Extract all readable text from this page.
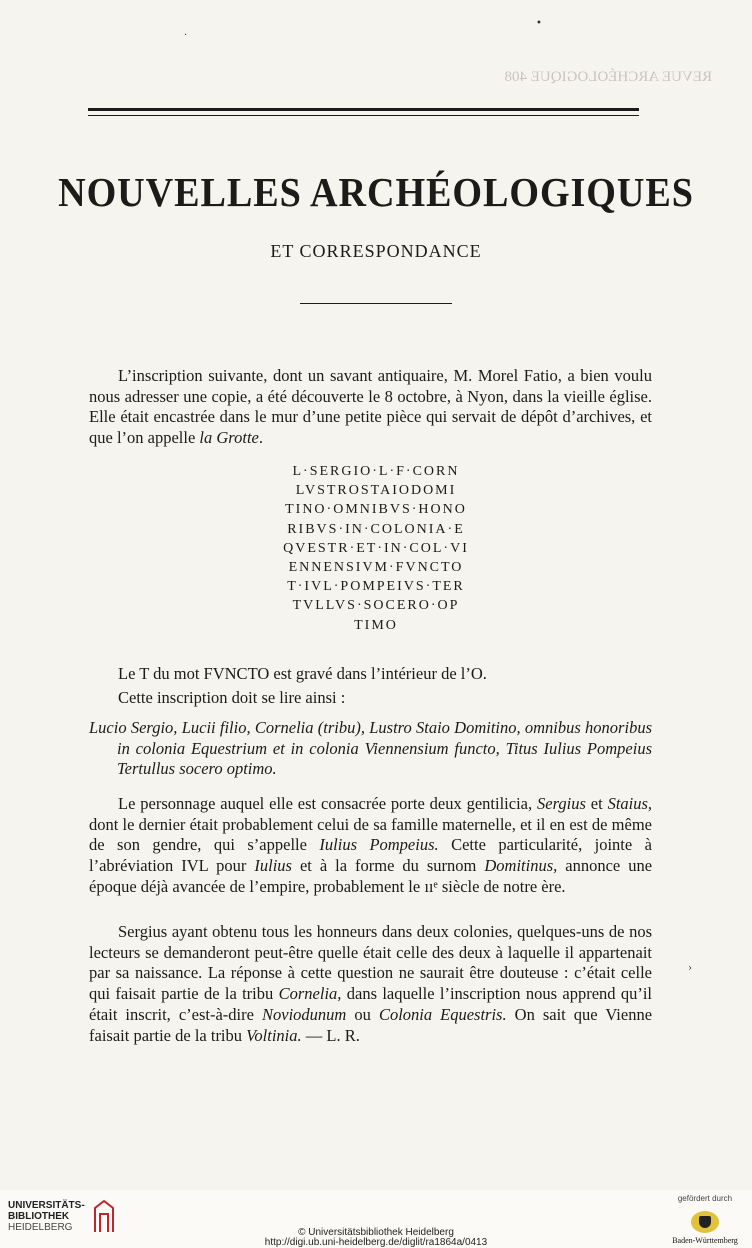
REVUE ARCHÉOLOGIQUE 408
NOUVELLES ARCHÉOLOGIQUES
ET CORRESPONDANCE

L’inscription suivante, dont un savant antiquaire, M. Morel Fatio, a bien voulu nous adresser une copie, a été découverte le 8 octobre, à Nyon, dans la vieille église. Elle était encastrée dans le mur d’une petite pièce qui servait de dépôt d’archives, et que l’on appelle la Grotte.

L·SERGIO·L·F·CORN
LVSTROSTAIODOMI
TINO·OMNIBVS·HONO
RIBVS·IN·COLONIA·E
QVESTR·ET·IN·COL·VI
ENNENSIVM·FVNCTO
T·IVL·POMPEIVS·TER
TVLLVS·SOCERO·OP
TIMO

Le T du mot FVNCTO est gravé dans l’intérieur de l’O.

Cette inscription doit se lire ainsi :

Lucio Sergio, Lucii filio, Cornelia (tribu), Lustro Staio Domitino, omnibus honoribus in colonia Equestrium et in colonia Viennensium functo, Titus Iulius Pompeius Tertullus socero optimo.

Le personnage auquel elle est consacrée porte deux gentilicia, Sergius et Staius, dont le dernier était probablement celui de sa famille maternelle, et il en est de même de son gendre, qui s’appelle Iulius Pompeius. Cette particularité, jointe à l’abréviation IVL pour Iulius et à la forme du surnom Domitinus, annonce une époque déjà avancée de l’empire, probablement le ııᵉ siècle de notre ère.

Sergius ayant obtenu tous les honneurs dans deux colonies, quelques-uns de nos lecteurs se demanderont peut-être quelle était celle des deux à laquelle il appartenait par sa naissance. La réponse à cette question ne saurait être douteuse : c’était celle qui faisait partie de la tribu Cornelia, dans laquelle l’inscription nous apprend qu’il était inscrit, c’est-à-dire Noviodunum ou Colonia Equestris. On sait que Vienne faisait partie de la tribu Voltinia. — L. R.

•
·
›
UNIVERSITÄTS-
BIBLIOTHEK
HEIDELBERG	© Universitätsbibliothek Heidelberg
http://digi.ub.uni-heidelberg.de/diglit/ra1864a/0413
gefördert durch
Baden-Württemberg
